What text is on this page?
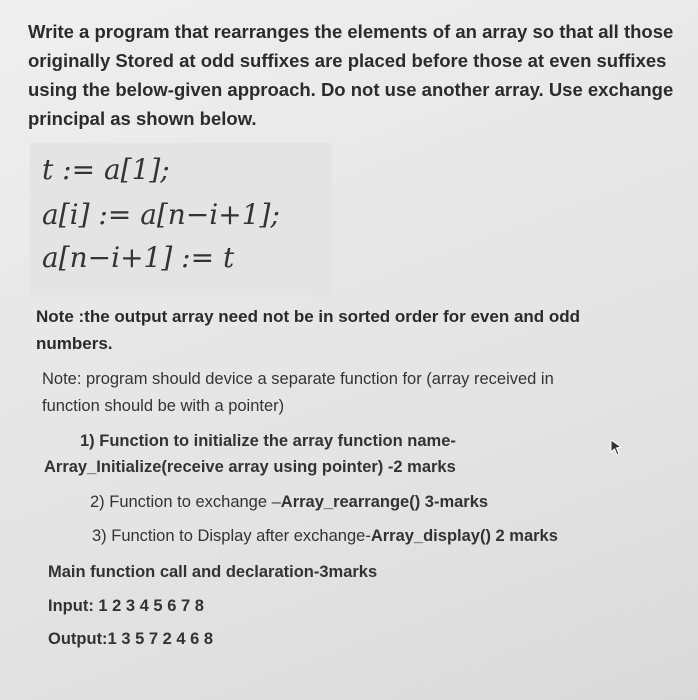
Write a program that rearranges the elements of an array so that all those
originally Stored at odd suffixes are placed before those at even suffixes
using the below-given approach. Do not use another array. Use exchange
principal as shown below.
t := a[1];
a[i] := a[n−i+1];
a[n−i+1] := t
Note :the output array need not be in sorted order for even and odd
numbers.
Note: program should device a separate function for (array received in
function should be with a pointer)
1) Function to initialize the array function name-
Array_Initialize(receive array using pointer) -2 marks
2) Function to exchange –Array_rearrange() 3-marks
3) Function to Display after exchange-Array_display() 2 marks
Main function call and declaration-3marks
Input: 1 2 3 4 5 6 7 8
Output:1 3 5 7 2 4 6 8
